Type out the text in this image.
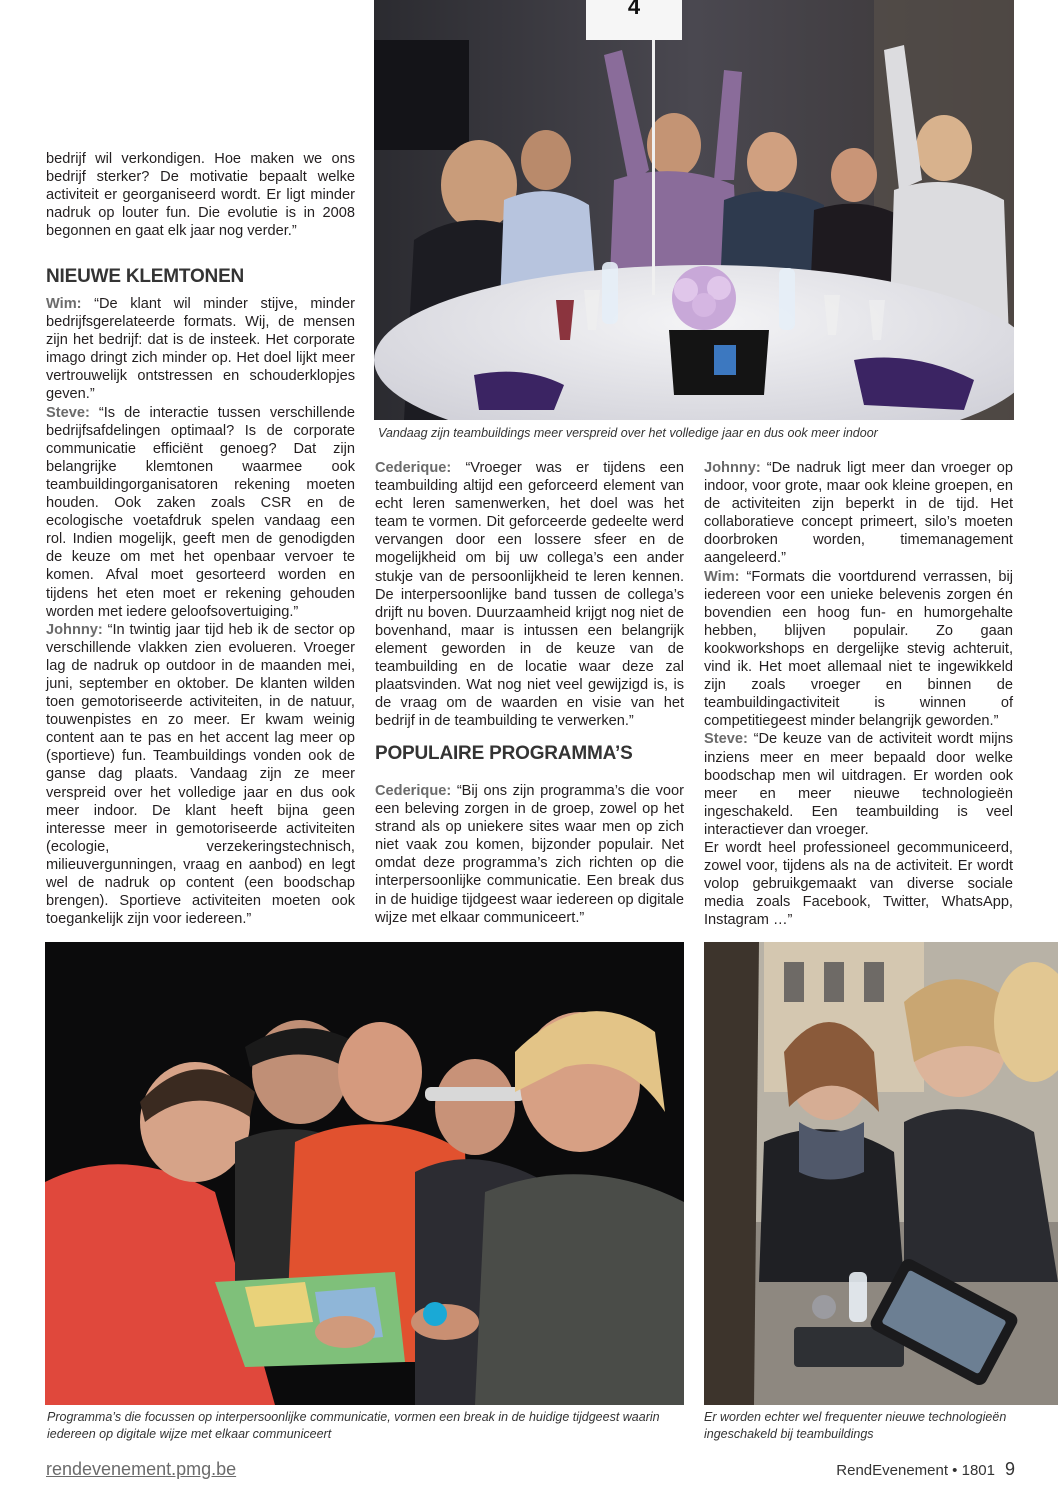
4
Vandaag zijn teambuildings meer verspreid over het volledige jaar en dus ook meer indoor

bedrijf wil verkondigen. Hoe maken we ons bedrijf sterker? De motivatie bepaalt welke activiteit er georganiseerd wordt. Er ligt minder nadruk op louter fun. Die evolutie is in 2008 begonnen en gaat elk jaar nog verder.”

NIEUWE KLEMTONEN

Wim: “De klant wil minder stijve, minder bedrijfsgerelateerde formats. Wij, de mensen zijn het bedrijf: dat is de insteek. Het corporate imago dringt zich minder op. Het doel lijkt meer vertrouwelijk ontstressen en schouderklopjes geven.”

Steve: “Is de interactie tussen verschillende bedrijfsafdelingen optimaal? Is de corporate communicatie efficiënt genoeg? Dat zijn belangrijke klemtonen waarmee ook teambuildingorganisatoren rekening moeten houden. Ook zaken zoals CSR en de ecologische voetafdruk spelen vandaag een rol. Indien mogelijk, geeft men de genodigden de keuze om met het openbaar vervoer te komen. Afval moet gesorteerd worden en tijdens het eten moet er rekening gehouden worden met iedere geloofsovertuiging.”

Johnny: “In twintig jaar tijd heb ik de sector op verschillende vlakken zien evolueren. Vroeger lag de nadruk op outdoor in de maanden mei, juni, september en oktober. De klanten wilden toen gemotoriseerde activiteiten, in de natuur, touwenpistes en zo meer. Er kwam weinig content aan te pas en het accent lag meer op (sportieve) fun. Teambuildings vonden ook de ganse dag plaats. Vandaag zijn ze meer verspreid over het volledige jaar en dus ook meer indoor. De klant heeft bijna geen interesse meer in gemotoriseerde activiteiten (ecologie, verzekeringstechnisch, milieuvergunningen, vraag en aanbod) en legt wel de nadruk op content (een boodschap brengen). Sportieve activiteiten moeten ook toegankelijk zijn voor iedereen.”

Cederique: “Vroeger was er tijdens een teambuilding altijd een geforceerd element van echt leren samenwerken, het doel was het team te vormen. Dit geforceerde gedeelte werd vervangen door een lossere sfeer en de mogelijkheid om bij uw collega’s een ander stukje van de persoonlijkheid te leren kennen. De interpersoonlijke band tussen de collega’s drijft nu boven. Duurzaamheid krijgt nog niet de bovenhand, maar is intussen een belangrijk element geworden in de keuze van de teambuilding en de locatie waar deze zal plaatsvinden. Wat nog niet veel gewijzigd is, is de vraag om de waarden en visie van het bedrijf in de teambuilding te verwerken.”

POPULAIRE PROGRAMMA’S

Cederique: “Bij ons zijn programma’s die voor een beleving zorgen in de groep, zowel op het strand als op uniekere sites waar men op zich niet vaak zou komen, bijzonder populair. Net omdat deze programma’s zich richten op die interpersoonlijke communicatie. Een break dus in de huidige tijdgeest waar iedereen op digitale wijze met elkaar communiceert.”

Johnny: “De nadruk ligt meer dan vroeger op indoor, voor grote, maar ook kleine groepen, en de activiteiten zijn beperkt in de tijd. Het collaboratieve concept primeert, silo’s moeten doorbroken worden, timemanagement aangeleerd.”

Wim: “Formats die voortdurend verrassen, bij iedereen voor een unieke belevenis zorgen én bovendien een hoog fun- en humorgehalte hebben, blijven populair. Zo gaan kookworkshops en dergelijke stevig achteruit, vind ik. Het moet allemaal niet te ingewikkeld zijn zoals vroeger en binnen de teambuildingactiviteit is winnen of competitiegeest minder belangrijk geworden.”

Steve: “De keuze van de activiteit wordt mijns inziens meer en meer bepaald door welke boodschap men wil uitdragen. Er worden ook meer en meer nieuwe technologieën ingeschakeld. Een teambuilding is veel interactiever dan vroeger.

Er wordt heel professioneel gecommuniceerd, zowel voor, tijdens als na de activiteit. Er wordt volop gebruikgemaakt van diverse sociale media zoals Facebook, Twitter, WhatsApp, Instagram …”

Programma’s die focussen op interpersoonlijke communicatie, vormen een break in de huidige tijdgeest waarin iedereen op digitale wijze met elkaar communiceert
Er worden echter wel frequenter nieuwe technologieën ingeschakeld bij teambuildings
rendevenement.pmg.be	RendEvenement • 1801 9
